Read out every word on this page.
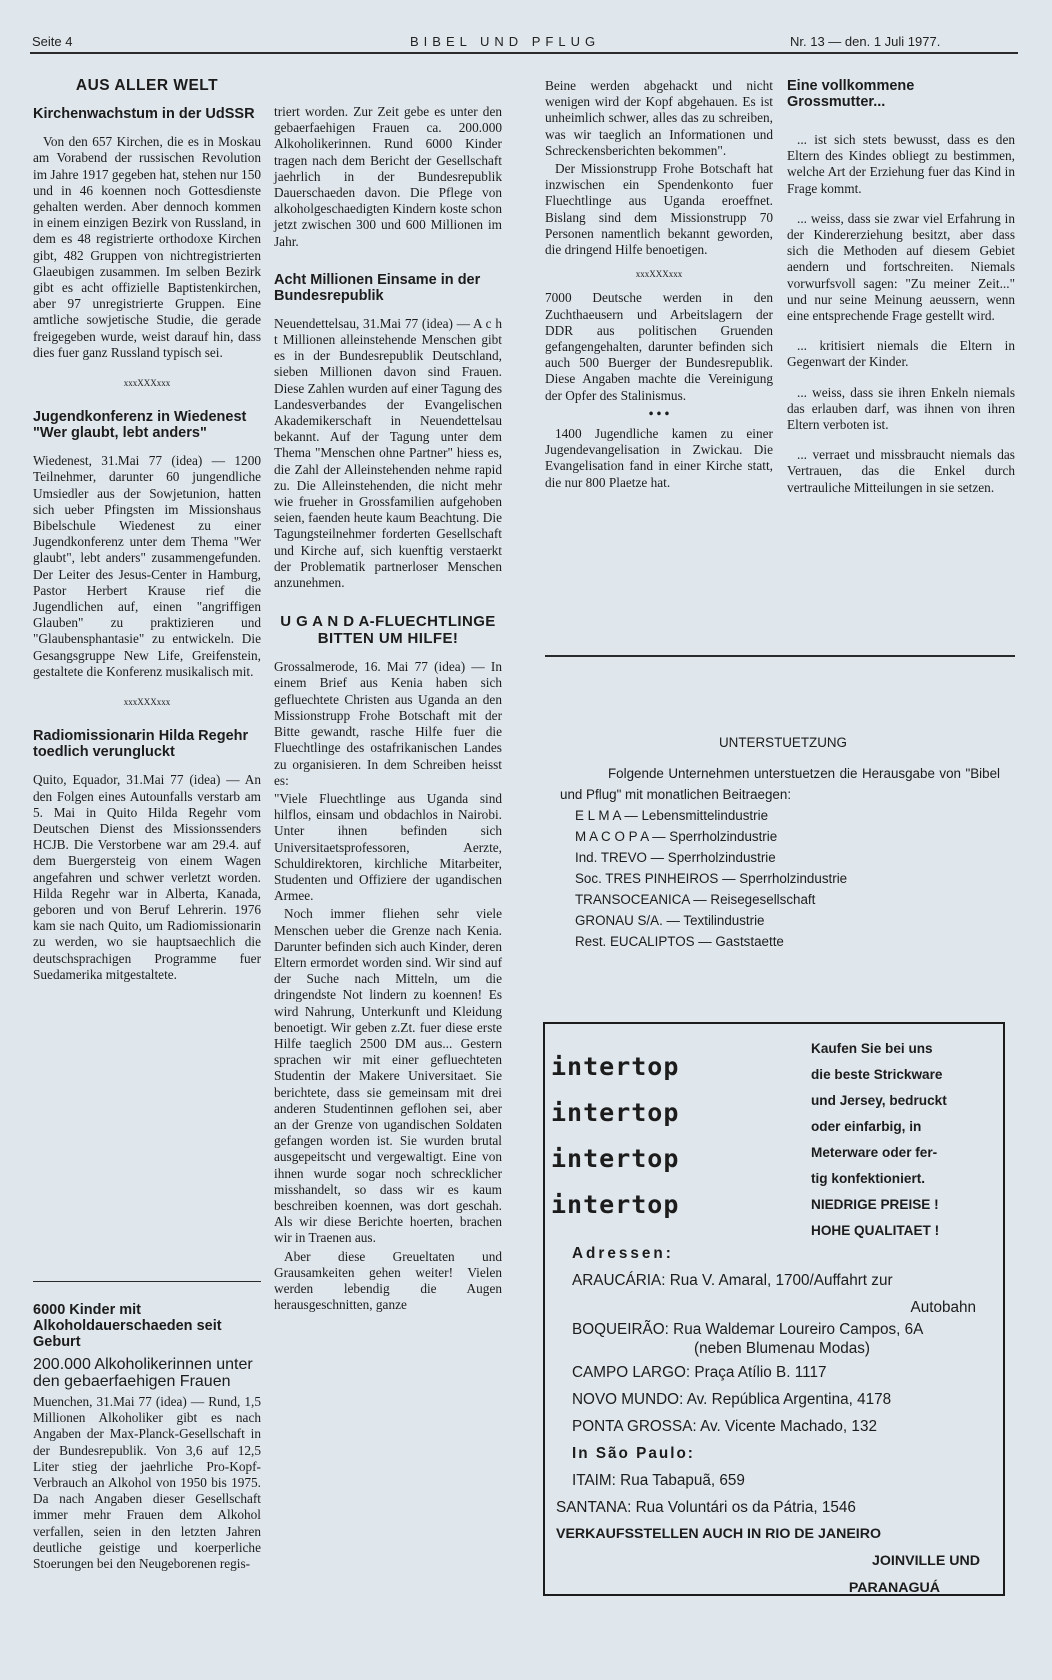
Seite 4	BIBEL UND PFLUG	Nr. 13 — den. 1 Juli 1977.
AUS ALLER WELT
Kirchenwachstum in der UdSSR

Von den 657 Kirchen, die es in Moskau am Vorabend der russischen Revolution im Jahre 1917 gegeben hat, stehen nur 150 und in 46 koennen noch Gottesdienste gehalten werden. Aber dennoch kommen in einem einzigen Bezirk von Russland, in dem es 48 registrierte orthodoxe Kirchen gibt, 482 Gruppen von nichtregistrierten Glaeubigen zusammen. Im selben Bezirk gibt es acht offizielle Baptistenkirchen, aber 97 unregistrierte Gruppen. Eine amtliche sowjetische Studie, die gerade freigegeben wurde, weist darauf hin, dass dies fuer ganz Russland typisch sei.

xxxXXXxxx
Jugendkonferenz in Wiedenest "Wer glaubt, lebt anders"

Wiedenest, 31.Mai 77 (idea) — 1200 Teilnehmer, darunter 60 jungendliche Umsiedler aus der Sowjetunion, hatten sich ueber Pfingsten im Missionshaus Bibelschule Wiedenest zu einer Jugendkonferenz unter dem Thema "Wer glaubt", lebt anders" zusammengefunden. Der Leiter des Jesus-Center in Hamburg, Pastor Herbert Krause rief die Jugendlichen auf, einen "angriffigen Glauben" zu praktizieren und "Glaubensphantasie" zu entwickeln. Die Gesangsgruppe New Life, Greifenstein, gestaltete die Konferenz musikalisch mit.

xxxXXXxxx
Radiomissionarin Hilda Regehr toedlich verungluckt

Quito, Equador, 31.Mai 77 (idea) — An den Folgen eines Autounfalls verstarb am 5. Mai in Quito Hilda Regehr vom Deutschen Dienst des Missionssenders HCJB. Die Verstorbene war am 29.4. auf dem Buergersteig von einem Wagen angefahren und schwer verletzt worden. Hilda Regehr war in Alberta, Kanada, geboren und von Beruf Lehrerin. 1976 kam sie nach Quito, um Radiomissionarin zu werden, wo sie hauptsaechlich die deutschsprachigen Programme fuer Suedamerika mitgestaltete.

6000 Kinder mit Alkoholdauerschaeden seit Geburt
200.000 Alkoholikerinnen unter den gebaerfaehigen Frauen

Muenchen, 31.Mai 77 (idea) — Rund, 1,5 Millionen Alkoholiker gibt es nach Angaben der Max-Planck-Gesellschaft in der Bundesrepublik. Von 3,6 auf 12,5 Liter stieg der jaehrliche Pro-Kopf-Verbrauch an Alkohol von 1950 bis 1975. Da nach Angaben dieser Gesellschaft immer mehr Frauen dem Alkohol verfallen, seien in den letzten Jahren deutliche geistige und koerperliche Stoerungen bei den Neugeborenen regis-

triert worden. Zur Zeit gebe es unter den gebaerfaehigen Frauen ca. 200.000 Alkoholikerinnen. Rund 6000 Kinder tragen nach dem Bericht der Gesellschaft jaehrlich in der Bundesrepublik Dauerschaeden davon. Die Pflege von alkoholgeschaedigten Kindern koste schon jetzt zwischen 300 und 600 Millionen im Jahr.

Acht Millionen Einsame in der Bundesrepublik

Neuendettelsau, 31.Mai 77 (idea) — A c h t Millionen alleinstehende Menschen gibt es in der Bundesrepublik Deutschland, sieben Millionen davon sind Frauen. Diese Zahlen wurden auf einer Tagung des Landesverbandes der Evangelischen Akademikerschaft in Neuendettelsau bekannt. Auf der Tagung unter dem Thema "Menschen ohne Partner" hiess es, die Zahl der Alleinstehenden nehme rapid zu. Die Alleinstehenden, die nicht mehr wie frueher in Grossfamilien aufgehoben seien, faenden heute kaum Beachtung. Die Tagungsteilnehmer forderten Gesellschaft und Kirche auf, sich kuenftig verstaerkt der Problematik partnerloser Menschen anzunehmen.

U G A N D A-FLUECHTLINGE BITTEN UM HILFE!

Grossalmerode, 16. Mai 77 (idea) — In einem Brief aus Kenia haben sich gefluechtete Christen aus Uganda an den Missionstrupp Frohe Botschaft mit der Bitte gewandt, rasche Hilfe fuer die Fluechtlinge des ostafrikanischen Landes zu organisieren. In dem Schreiben heisst es:

"Viele Fluechtlinge aus Uganda sind hilflos, einsam und obdachlos in Nairobi. Unter ihnen befinden sich Universitaetsprofessoren, Aerzte, Schuldirektoren, kirchliche Mitarbeiter, Studenten und Offiziere der ugandischen Armee.

Noch immer fliehen sehr viele Menschen ueber die Grenze nach Kenia. Darunter befinden sich auch Kinder, deren Eltern ermordet worden sind. Wir sind auf der Suche nach Mitteln, um die dringendste Not lindern zu koennen! Es wird Nahrung, Unterkunft und Kleidung benoetigt. Wir geben z.Zt. fuer diese erste Hilfe taeglich 2500 DM aus... Gestern sprachen wir mit einer gefluechteten Studentin der Makere Universitaet. Sie berichtete, dass sie gemeinsam mit drei anderen Studentinnen geflohen sei, aber an der Grenze von ugandischen Soldaten gefangen worden ist. Sie wurden brutal ausgepeitscht und vergewaltigt. Eine von ihnen wurde sogar noch schrecklicher misshandelt, so dass wir es kaum beschreiben koennen, was dort geschah. Als wir diese Berichte hoerten, brachen wir in Traenen aus.

Aber diese Greueltaten und Grausamkeiten gehen weiter! Vielen werden lebendig die Augen herausgeschnitten, ganze

Beine werden abgehackt und nicht wenigen wird der Kopf abgehauen. Es ist unheimlich schwer, alles das zu schreiben, was wir taeglich an Informationen und Schreckensberichten bekommen".

Der Missionstrupp Frohe Botschaft hat inzwischen ein Spendenkonto fuer Fluechtlinge aus Uganda eroeffnet. Bislang sind dem Missionstrupp 70 Personen namentlich bekannt geworden, die dringend Hilfe benoetigen.

xxxXXXxxx

7000 Deutsche werden in den Zuchthaeusern und Arbeitslagern der DDR aus politischen Gruenden gefangengehalten, darunter befinden sich auch 500 Buerger der Bundesrepublik. Diese Angaben machte die Vereinigung der Opfer des Stalinismus.

• • •

1400 Jugendliche kamen zu einer Jugendevangelisation in Zwickau. Die Evangelisation fand in einer Kirche statt, die nur 800 Plaetze hat.

Eine vollkommene Grossmutter...

... ist sich stets bewusst, dass es den Eltern des Kindes obliegt zu bestimmen, welche Art der Erziehung fuer das Kind in Frage kommt.

... weiss, dass sie zwar viel Erfahrung in der Kindererziehung besitzt, aber dass sich die Methoden auf diesem Gebiet aendern und fortschreiten. Niemals vorwurfsvoll sagen: "Zu meiner Zeit..." und nur seine Meinung aeussern, wenn eine entsprechende Frage gestellt wird.

... kritisiert niemals die Eltern in Gegenwart der Kinder.

... weiss, dass sie ihren Enkeln niemals das erlauben darf, was ihnen von ihren Eltern verboten ist.

... verraet und missbraucht niemals das Vertrauen, das die Enkel durch vertrauliche Mitteilungen in sie setzen.

UNTERSTUETZUNG
Folgende Unternehmen unterstuetzen die Herausgabe von "Bibel und Pflug" mit monatlichen Beitraegen:
E L M A — Lebensmittelindustrie
M A C O P A — Sperrholzindustrie
Ind. TREVO — Sperrholzindustrie
Soc. TRES PINHEIROS — Sperrholzindustrie
TRANSOCEANICA — Reisegesellschaft
GRONAU S/A. — Textilindustrie
Rest. EUCALIPTOS — Gaststaette
intertop
intertop
intertop
intertop
Kaufen Sie bei uns
die beste Strickware
und Jersey, bedruckt
oder einfarbig, in
Meterware oder fer-
tig konfektioniert.
NIEDRIGE PREISE !
HOHE QUALITAET !
Adressen:
ARAUCÁRIA: Rua V. Amaral, 1700/Auffahrt zur
Autobahn
BOQUEIRÃO: Rua Waldemar Loureiro Campos, 6A
(neben Blumenau Modas)
CAMPO LARGO: Praça Atílio B. 1117
NOVO MUNDO: Av. República Argentina, 4178
PONTA GROSSA: Av. Vicente Machado, 132
In São Paulo:
ITAIM: Rua Tabapuã, 659
SANTANA: Rua Voluntári os da Pátria, 1546
VERKAUFSSTELLEN AUCH IN RIO DE JANEIRO
JOINVILLE UND
PARANAGUÁ
